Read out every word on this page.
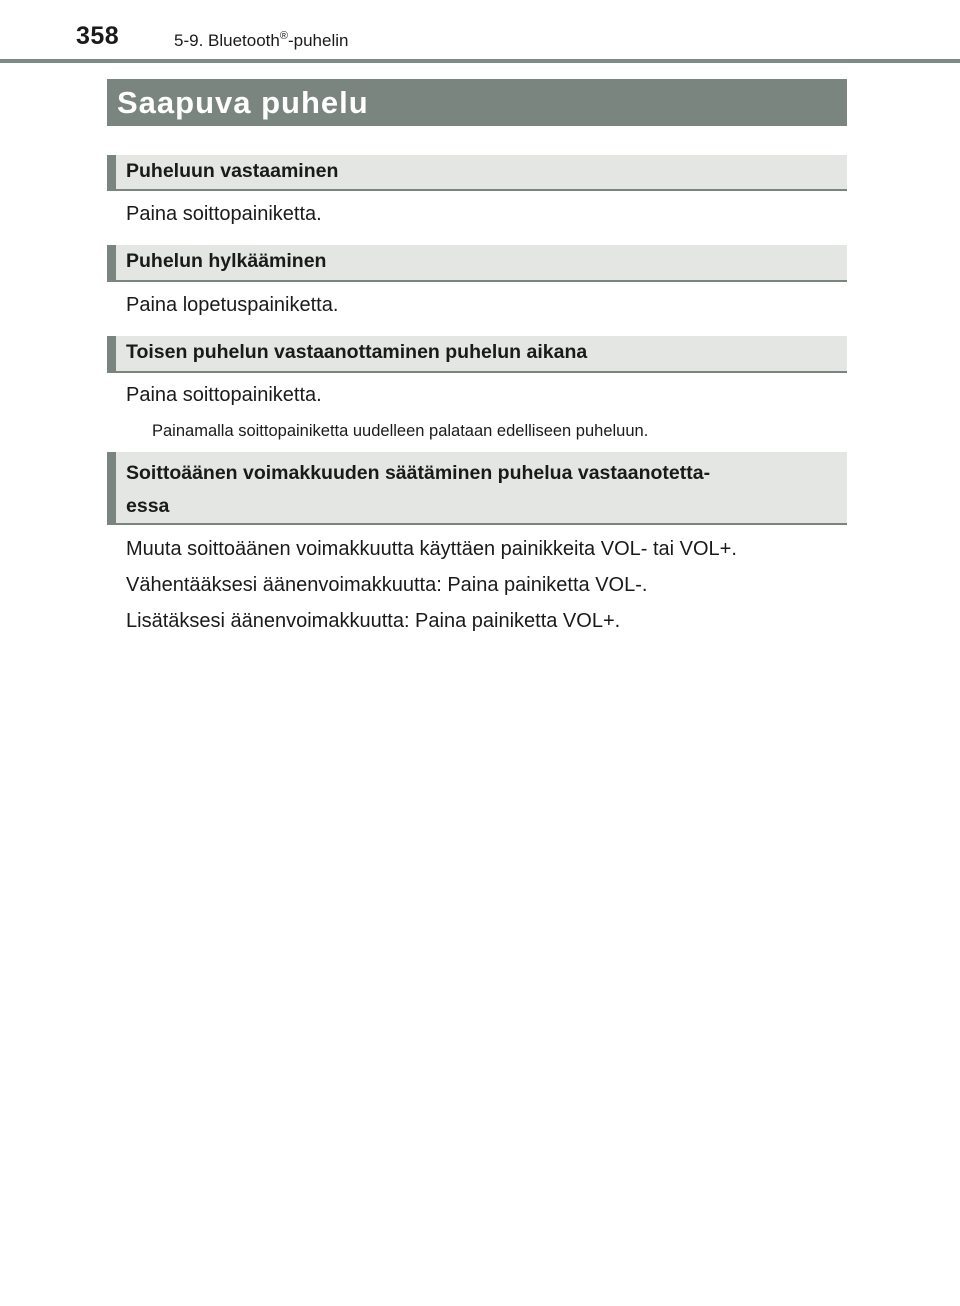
358	5-9. Bluetooth®-puhelin
Saapuva puhelu
Puheluun vastaaminen
Paina soittopainiketta.
Puhelun hylkääminen
Paina lopetuspainiketta.
Toisen puhelun vastaanottaminen puhelun aikana
Paina soittopainiketta.
Painamalla soittopainiketta uudelleen palataan edelliseen puheluun.
Soittoäänen voimakkuuden säätäminen puhelua vastaanotetta-
essa
Muuta soittoäänen voimakkuutta käyttäen painikkeita VOL- tai VOL+.
Vähentääksesi äänenvoimakkuutta: Paina painiketta VOL-.
Lisätäksesi äänenvoimakkuutta: Paina painiketta VOL+.
